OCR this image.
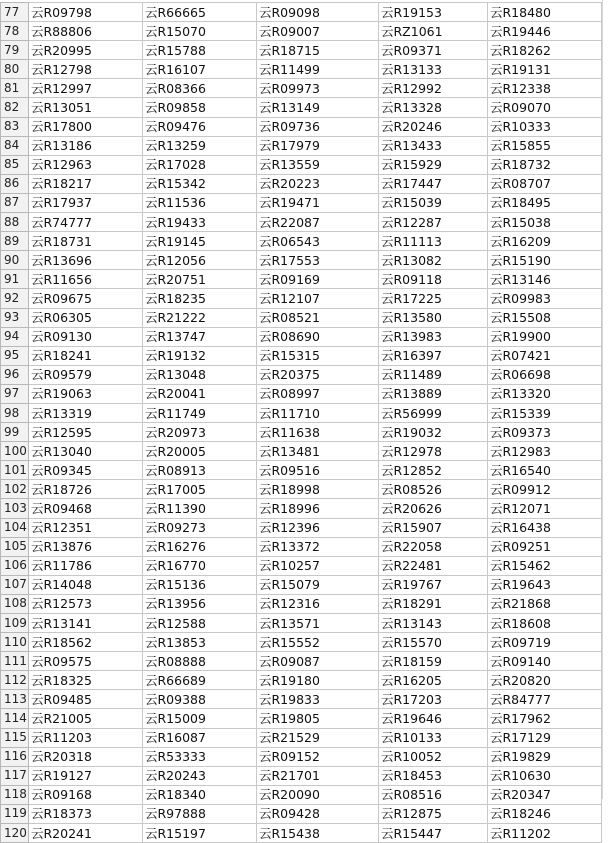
77	云R09798	云R66665	云R09098	云R19153	云R18480
78	云R88806	云R15070	云R09007	云RZ1061	云R19446
79	云R20995	云R15788	云R18715	云R09371	云R18262
80	云R12798	云R16107	云R11499	云R13133	云R19131
81	云R12997	云R08366	云R09973	云R12992	云R12338
82	云R13051	云R09858	云R13149	云R13328	云R09070
83	云R17800	云R09476	云R09736	云R20246	云R10333
84	云R13186	云R13259	云R17979	云R13433	云R15855
85	云R12963	云R17028	云R13559	云R15929	云R18732
86	云R18217	云R15342	云R20223	云R17447	云R08707
87	云R17937	云R11536	云R19471	云R15039	云R18495
88	云R74777	云R19433	云R22087	云R12287	云R15038
89	云R18731	云R19145	云R06543	云R11113	云R16209
90	云R13696	云R12056	云R17553	云R13082	云R15190
91	云R11656	云R20751	云R09169	云R09118	云R13146
92	云R09675	云R18235	云R12107	云R17225	云R09983
93	云R06305	云R21222	云R08521	云R13580	云R15508
94	云R09130	云R13747	云R08690	云R13983	云R19900
95	云R18241	云R19132	云R15315	云R16397	云R07421
96	云R09579	云R13048	云R20375	云R11489	云R06698
97	云R19063	云R20041	云R08997	云R13889	云R13320
98	云R13319	云R11749	云R11710	云R56999	云R15339
99	云R12595	云R20973	云R11638	云R19032	云R09373
100	云R13040	云R20005	云R13481	云R12978	云R12983
101	云R09345	云R08913	云R09516	云R12852	云R16540
102	云R18726	云R17005	云R18998	云R08526	云R09912
103	云R09468	云R11390	云R18996	云R20626	云R12071
104	云R12351	云R09273	云R12396	云R15907	云R16438
105	云R13876	云R16276	云R13372	云R22058	云R09251
106	云R11786	云R16770	云R10257	云R22481	云R15462
107	云R14048	云R15136	云R15079	云R19767	云R19643
108	云R12573	云R13956	云R12316	云R18291	云R21868
109	云R13141	云R12588	云R13571	云R13143	云R18608
110	云R18562	云R13853	云R15552	云R15570	云R09719
111	云R09575	云R08888	云R09087	云R18159	云R09140
112	云R18325	云R66689	云R19180	云R16205	云R20820
113	云R09485	云R09388	云R19833	云R17203	云R84777
114	云R21005	云R15009	云R19805	云R19646	云R17962
115	云R11203	云R16087	云R21529	云R10133	云R17129
116	云R20318	云R53333	云R09152	云R10052	云R19829
117	云R19127	云R20243	云R21701	云R18453	云R10630
118	云R09168	云R18340	云R20090	云R08516	云R20347
119	云R18373	云R97888	云R09428	云R12875	云R18246
120	云R20241	云R15197	云R15438	云R15447	云R11202
